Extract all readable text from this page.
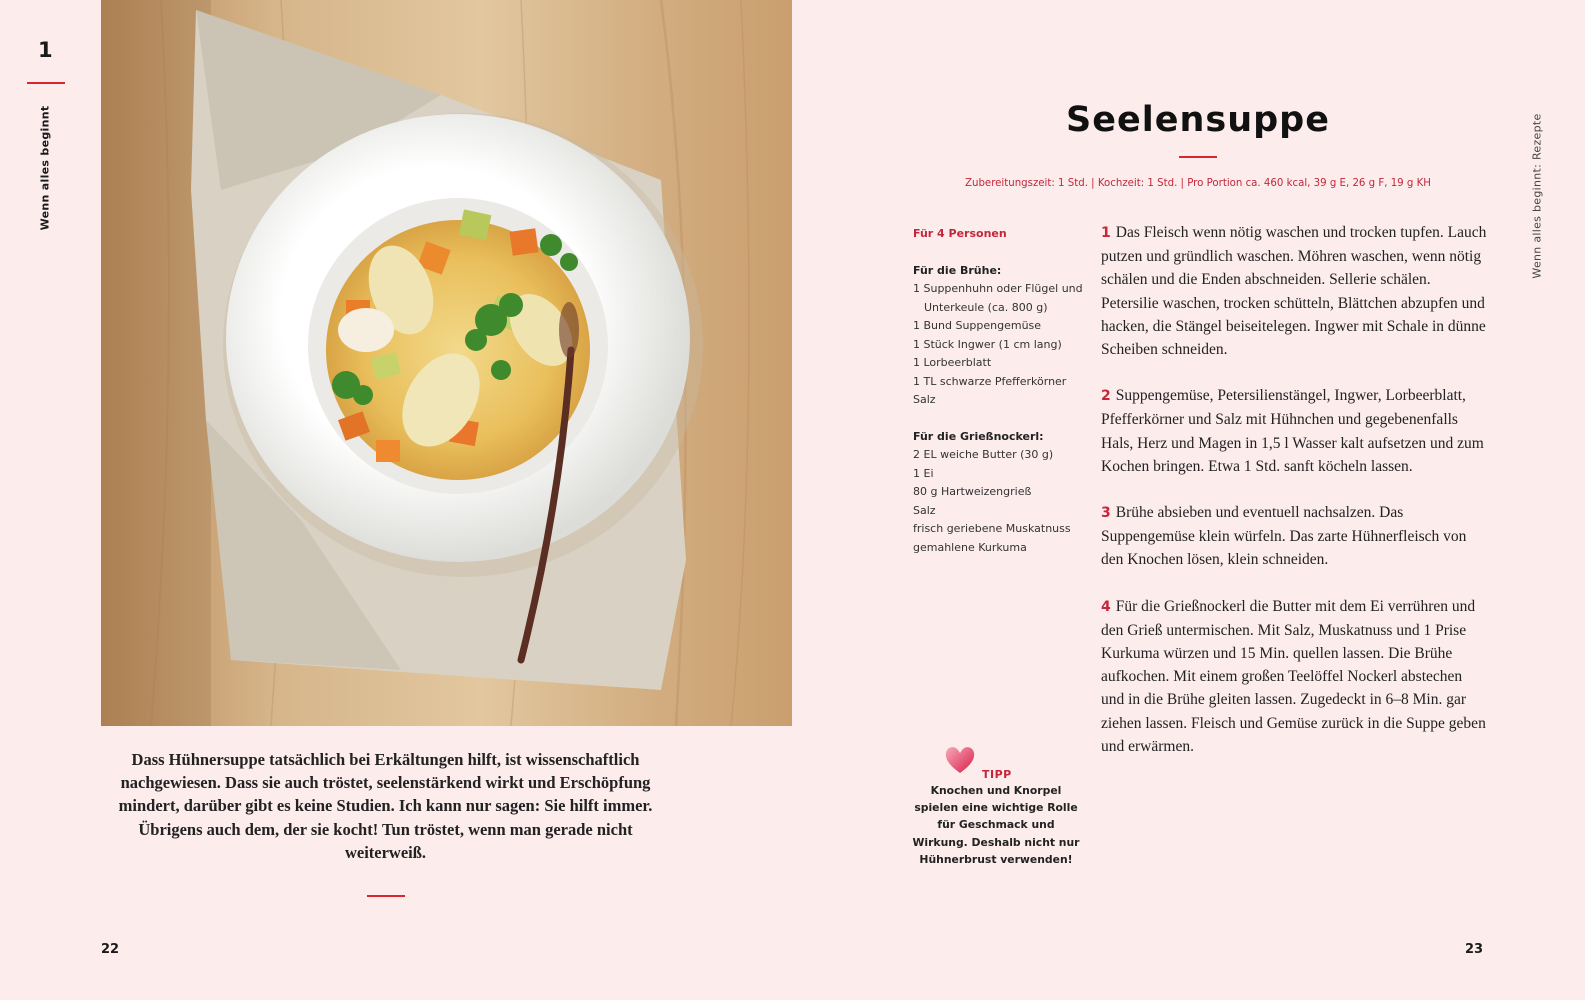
1
Wenn alles beginnt	Wenn alles beginnt: Rezepte

Dass Hühnersuppe tatsächlich bei Erkältungen hilft, ist wissenschaftlich nachgewiesen. Dass sie auch tröstet, seelenstärkend wirkt und Erschöpfung mindert, darüber gibt es keine Studien. Ich kann nur sagen: Sie hilft immer. Übrigens auch dem, der sie kocht! Tun tröstet, wenn man gerade nicht weiterweiß.

22	23
Seelensuppe

Zubereitungszeit: 1 Std. | Kochzeit: 1 Std. | Pro Portion ca. 460 kcal, 39 g E, 26 g F, 19 g KH

Für 4 Personen

Für die Brühe:

1 Suppenhuhn oder Flügel und Unterkeule (ca. 800 g)
1 Bund Suppengemüse
1 Stück Ingwer (1 cm lang)
1 Lorbeerblatt
1 TL schwarze Pfefferkörner
Salz

Für die Grießnockerl:

2 EL weiche Butter (30 g)
1 Ei
80 g Hartweizengrieß
Salz
frisch geriebene Muskatnuss
gemahlene Kurkuma

1 Das Fleisch wenn nötig waschen und trocken tupfen. Lauch putzen und gründlich waschen. Möhren waschen, wenn nötig schälen und die Enden abschneiden. Sellerie schälen. Petersilie waschen, trocken schütteln, Blättchen abzupfen und hacken, die Stängel beiseitelegen. Ingwer mit Schale in dünne Scheiben schneiden.

2 Suppengemüse, Petersilienstängel, Ingwer, Lorbeerblatt, Pfefferkörner und Salz mit Hühnchen und gegebenenfalls Hals, Herz und Magen in 1,5 l Wasser kalt aufsetzen und zum Kochen bringen. Etwa 1 Std. sanft köcheln lassen.

3 Brühe absieben und eventuell nachsalzen. Das Suppengemüse klein würfeln. Das zarte Hühnerfleisch von den Knochen lösen, klein schneiden.

4 Für die Grießnockerl die Butter mit dem Ei verrühren und den Grieß untermischen. Mit Salz, Muskatnuss und 1 Prise Kurkuma würzen und 15 Min. quellen lassen. Die Brühe aufkochen. Mit einem großen Teelöffel Nockerl abstechen und in die Brühe gleiten lassen. Zugedeckt in 6–8 Min. gar ziehen lassen. Fleisch und Gemüse zurück in die Suppe geben und erwärmen.

TIPP

Knochen und Knorpel spielen eine wichtige Rolle für Geschmack und Wirkung. Deshalb nicht nur Hühnerbrust verwenden!
